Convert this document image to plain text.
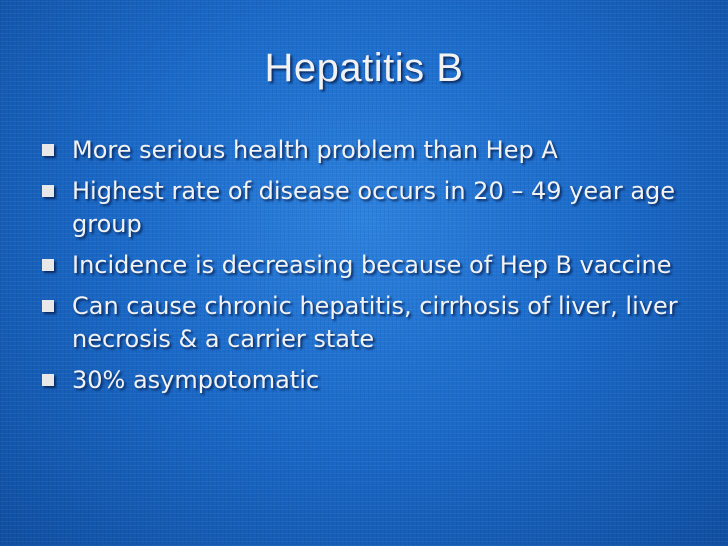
Hepatitis B
More serious health problem than Hep A
Highest rate of disease occurs in 20 – 49 year age group
Incidence is decreasing because of Hep B vaccine
Can cause chronic hepatitis, cirrhosis of liver, liver necrosis & a carrier state
30% asympotomatic
